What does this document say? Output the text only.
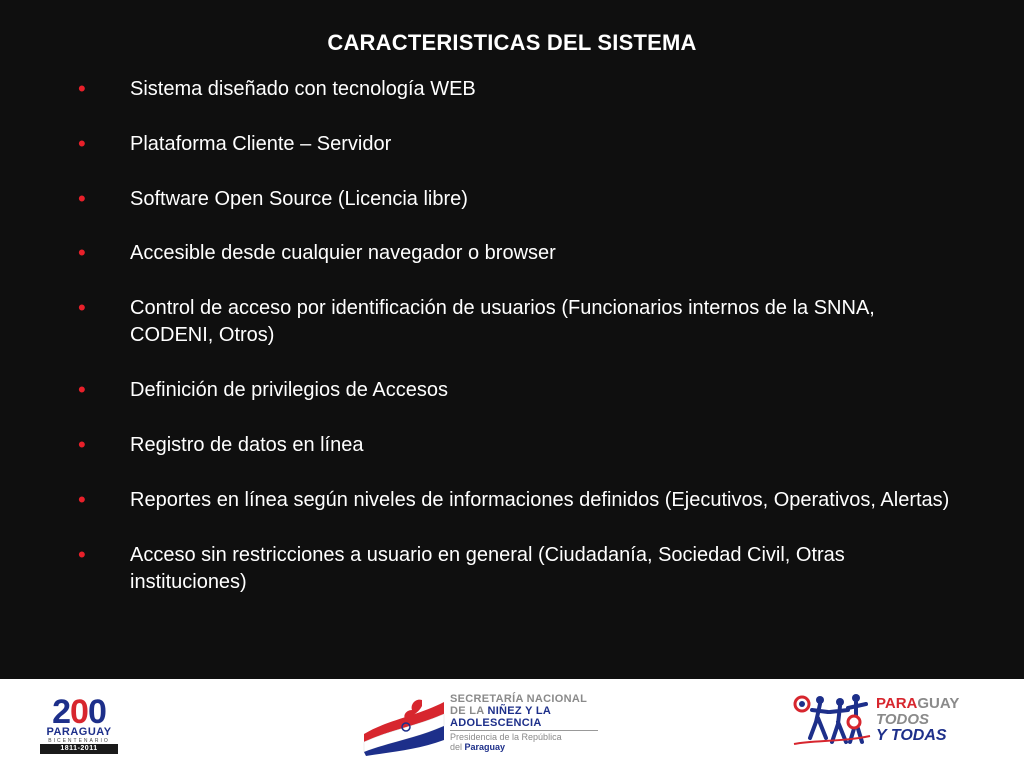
CARACTERISTICAS DEL SISTEMA
• Sistema diseñado con tecnología WEB
• Plataforma Cliente – Servidor
• Software Open Source (Licencia libre)
• Accesible desde cualquier navegador o browser
• Control de acceso por identificación de usuarios (Funcionarios internos de la SNNA, CODENI, Otros)
• Definición de privilegios de Accesos
• Registro de datos en línea
• Reportes en línea según niveles de informaciones definidos (Ejecutivos, Operativos, Alertas)
• Acceso sin restricciones a usuario en general (Ciudadanía, Sociedad Civil, Otras instituciones)
200
PARAGUAY
BICENTENARIO
1811-2011
SECRETARÍA NACIONAL
DE LA NIÑEZ Y LA
ADOLESCENCIA
Presidencia de la República
del Paraguay
PARAGUAY
TODOS
Y TODAS
